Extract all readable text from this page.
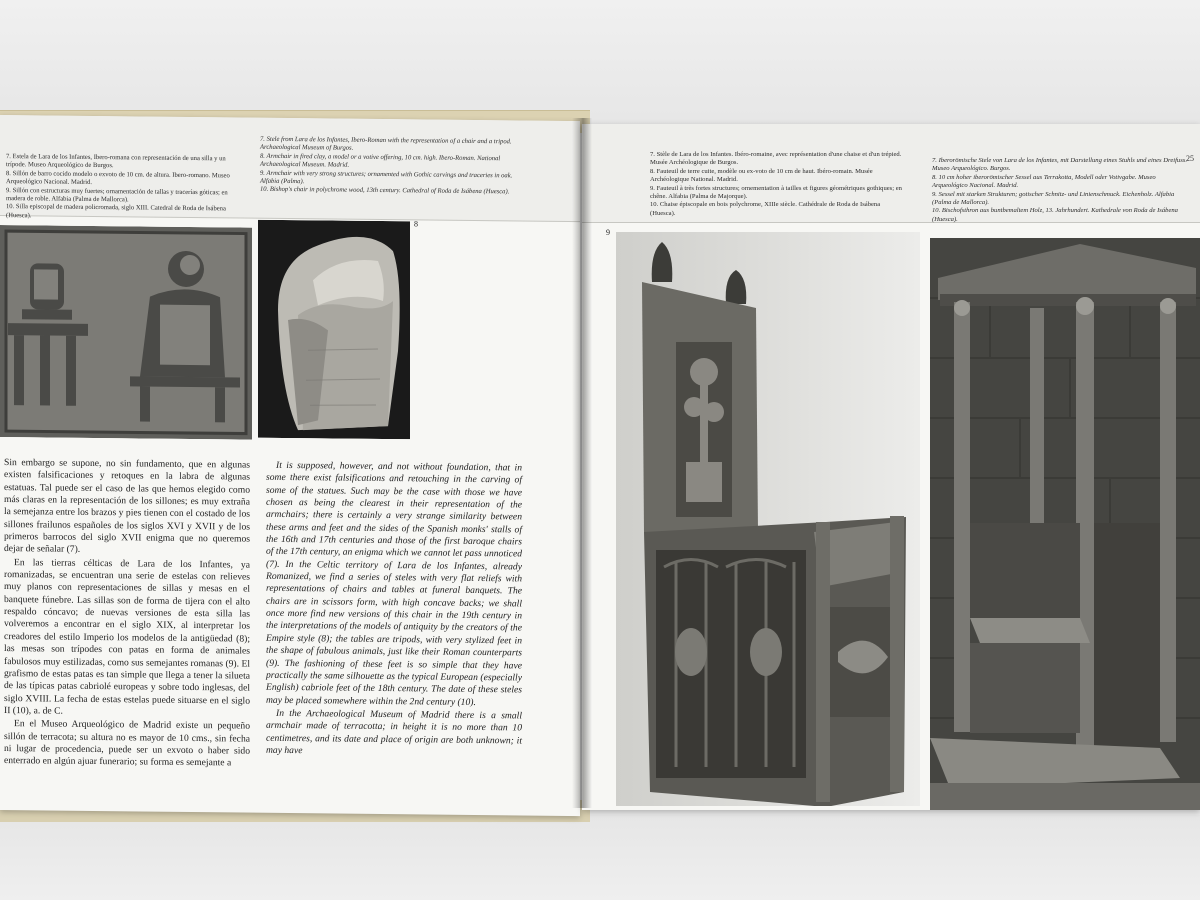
7. Estela de Lara de los Infantes, Ibero-romana con representación de una silla y un trípode. Museo Arqueológico de Burgos.

8. Sillón de barro cocido modelo o exvoto de 10 cm. de altura. Ibero-romano. Museo Arqueológico Nacional. Madrid.

9. Sillón con estructuras muy fuertes; ornamentación de tallas y tracerías góticas; en madera de roble. Alfabia (Palma de Mallorca).

10. Silla episcopal de madera policromada, siglo XIII. Catedral de Roda de Isábena (Huesca).

7. Stele from Lara de los Infantes, Ibero-Roman with the representation of a chair and a tripod. Archaeological Museum of Burgos.

8. Armchair in fired clay, a model or a votive offering, 10 cm. high. Ibero-Roman. National Archaeological Museum. Madrid.

9. Armchair with very strong structures; ornamented with Gothic carvings and traceries in oak. Alfabia (Palma).

10. Bishop's chair in polychrome wood, 13th century. Cathedral of Roda de Isábena (Huesca).

8

Sin embargo se supone, no sin fundamento, que en algunas existen falsificaciones y retoques en la labra de algunas estatuas. Tal puede ser el caso de las que hemos elegido como más claras en la representación de los sillones; es muy extraña la semejanza entre los brazos y pies tienen con el costado de los sillones frailunos españoles de los siglos XVI y XVII y de los primeros barrocos del siglo XVII enigma que no queremos dejar de señalar (7).

En las tierras célticas de Lara de los Infantes, ya romanizadas, se encuentran una serie de estelas con relieves muy planos con representaciones de sillas y mesas en el banquete fúnebre. Las sillas son de forma de tijera con el alto respaldo cóncavo; de nuevas versiones de esta silla las volveremos a encontrar en el siglo XIX, al interpretar los creadores del estilo Imperio los modelos de la antigüedad (8); las mesas son trípodes con patas en forma de animales fabulosos muy estilizadas, como sus semejantes romanas (9). El grafismo de estas patas es tan simple que llega a tener la silueta de las típicas patas cabriolé europeas y sobre todo inglesas, del siglo XVIII. La fecha de estas estelas puede situarse en el siglo II (10), a. de C.

En el Museo Arqueológico de Madrid existe un pequeño sillón de terracota; su altura no es mayor de 10 cms., sin fecha ni lugar de procedencia, puede ser un exvoto o haber sido enterrado en algún ajuar funerario; su forma es semejante a

It is supposed, however, and not without foundation, that in some there exist falsifications and retouching in the carving of some of the statues. Such may be the case with those we have chosen as being the clearest in their representation of the armchairs; there is certainly a very strange similarity between these arms and feet and the sides of the Spanish monks' stalls of the 16th and 17th centuries and those of the first baroque chairs of the 17th century, an enigma which we cannot let pass unnoticed (7). In the Celtic territory of Lara de los Infantes, already Romanized, we find a series of steles with very flat reliefs with representations of chairs and tables at funeral banquets. The chairs are in scissors form, with high concave backs; we shall once more find new versions of this chair in the 19th century in the interpretations of the models of antiquity by the creators of the Empire style (8); the tables are tripods, with very stylized feet in the shape of fabulous animals, just like their Roman counterparts (9). The fashioning of these feet is so simple that they have practically the same silhouette as the typical European (especially English) cabriole feet of the 18th century. The date of these steles may be placed somewhere within the 2nd century (10).

In the Archaeological Museum of Madrid there is a small armchair made of terracotta; in height it is no more than 10 centimetres, and its date and place of origin are both unknown; it may have

7. Stèle de Lara de los Infantes. Ibéro-romaine, avec représentation d'une chaise et d'un trépied. Musée Archéologique de Burgos.

8. Fauteuil de terre cuite, modèle ou ex-voto de 10 cm de haut. Ibéro-romain. Musée Archéologique National. Madrid.

9. Fauteuil à très fortes structures; ornementation à tailles et figures géométriques gothiques; en chêne. Alfabia (Palma de Majorque).

10. Chaise épiscopale en bois polychrome, XIIIe siècle. Cathédrale de Roda de Isábena (Huesca).

7. Iberorömische Stele von Lara de los Infantes, mit Darstellung eines Stuhls und eines Dreifuss. Museo Arqueológico. Burgos.

8. 10 cm hoher iberorömischer Sessel aus Terrakotta, Modell oder Votivgabe. Museo Arqueológico Nacional. Madrid.

9. Sessel mit starken Strukturen; gotischer Schnitz- und Linienschmuck. Eichenholz. Alfabia (Palma de Mallorca).

10. Bischofsthron aus buntbemaltem Holz, 13. Jahrhundert. Kathedrale von Roda de Isábena (Huesca).

25
9
